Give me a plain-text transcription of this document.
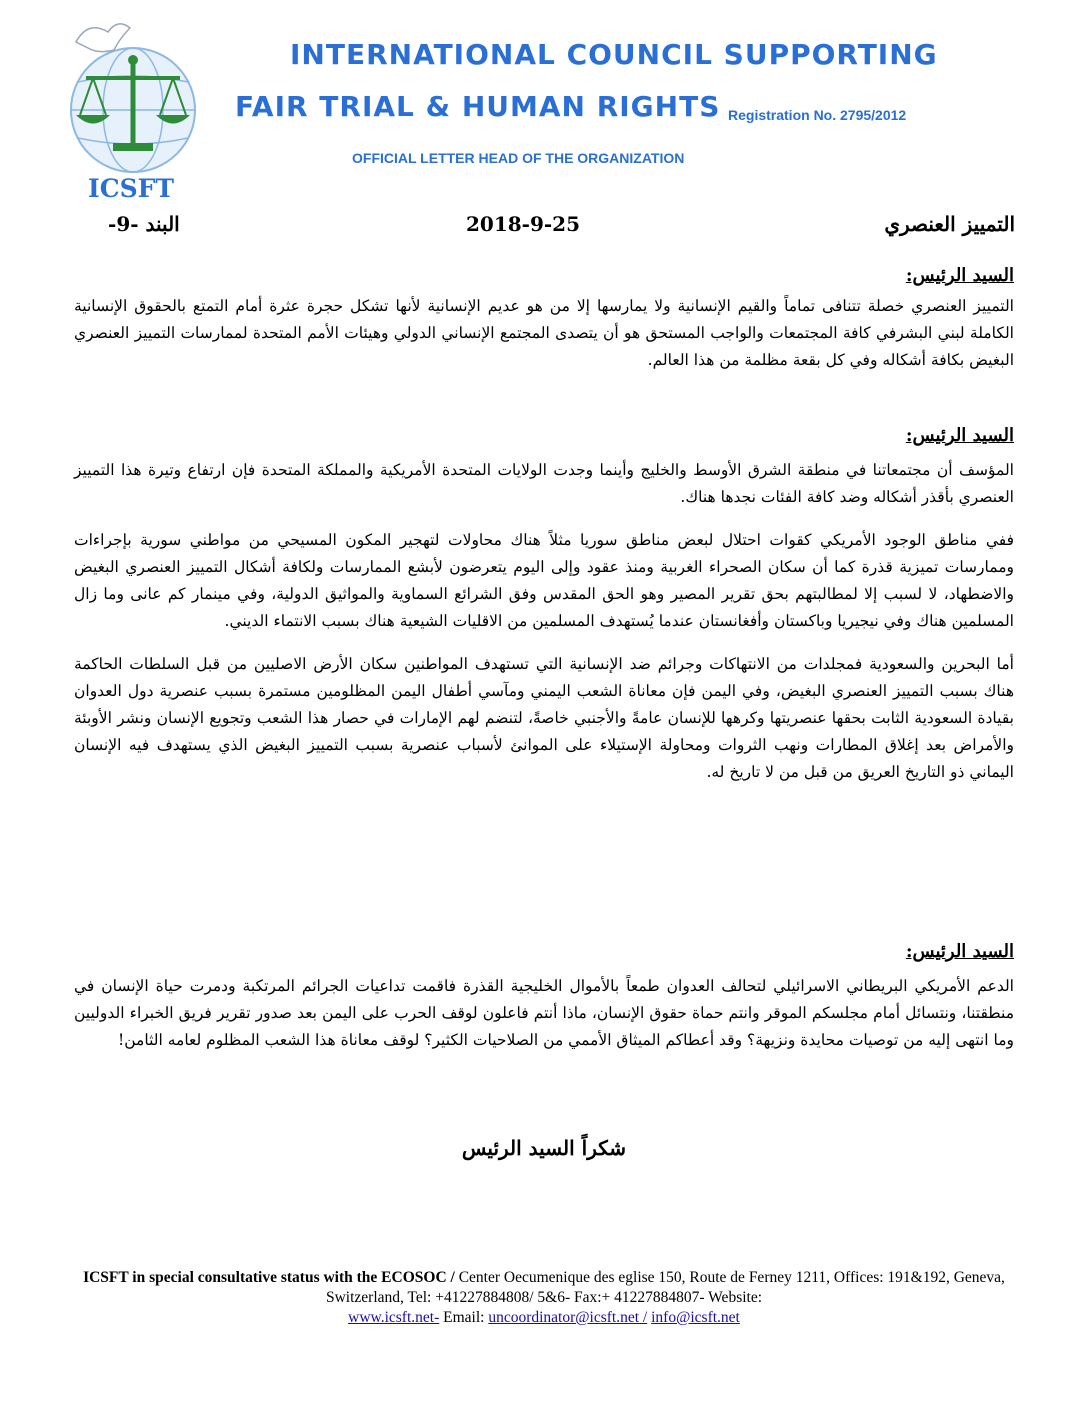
ICSFT
INTERNATIONAL COUNCIL SUPPORTING
FAIR TRIAL & HUMAN RIGHTS Registration No. 2795/2012
OFFICIAL LETTER HEAD OF THE ORGANIZATION
التمييز العنصري
2018-9-25
البند -9-

السيد الرئيس:

التمييز العنصري خصلة تتنافى تماماً والقيم الإنسانية ولا يمارسها إلا من هو عديم الإنسانية لأنها تشكل حجرة عثرة أمام التمتع بالحقوق الإنسانية الكاملة لبني البشرفي كافة المجتمعات والواجب المستحق هو أن يتصدى المجتمع الإنساني الدولي وهيئات الأمم المتحدة لممارسات التمييز العنصري البغيض بكافة أشكاله وفي كل بقعة مظلمة من هذا العالم.

السيد الرئيس:

المؤسف أن مجتمعاتنا في منطقة الشرق الأوسط والخليج وأينما وجدت الولايات المتحدة الأمريكية والمملكة المتحدة فإن ارتفاع وتيرة هذا التمييز العنصري بأقذر أشكاله وضد كافة الفئات نجدها هناك.

ففي مناطق الوجود الأمريكي كقوات احتلال لبعض مناطق سوريا مثلاً هناك محاولات لتهجير المكون المسيحي من مواطني سورية بإجراءات وممارسات تميزية قذرة كما أن سكان الصحراء الغربية ومنذ عقود وإلى اليوم يتعرضون لأبشع الممارسات ولكافة أشكال التمييز العنصري البغيض والاضطهاد، لا لسبب إلا لمطالبتهم بحق تقرير المصير وهو الحق المقدس وفق الشرائع السماوية والمواثيق الدولية، وفي مينمار كم عانى وما زال المسلمين هناك وفي نيجيريا وباكستان وأفغانستان عندما يُستهدف المسلمين من الاقليات الشيعية هناك بسبب الانتماء الديني.

أما البحرين والسعودية فمجلدات من الانتهاكات وجرائم ضد الإنسانية التي تستهدف المواطنين سكان الأرض الاصليين من قبل السلطات الحاكمة هناك بسبب التمييز العنصري البغيض، وفي اليمن فإن معاناة الشعب اليمني ومآسي أطفال اليمن المظلومين مستمرة بسبب عنصرية دول العدوان بقيادة السعودية الثابت بحقها عنصريتها وكرهها للإنسان عامةً والأجنبي خاصةً، لتنضم لهم الإمارات في حصار هذا الشعب وتجويع الإنسان ونشر الأوبئة والأمراض بعد إغلاق المطارات ونهب الثروات ومحاولة الإستيلاء على الموانئ لأسباب عنصرية بسبب التمييز البغيض الذي يستهدف فيه الإنسان اليماني ذو التاريخ العريق من قبل من لا تاريخ له.

السيد الرئيس:

الدعم الأمريكي البريطاني الاسرائيلي لتحالف العدوان طمعاً بالأموال الخليجية القذرة فاقمت تداعيات الجرائم المرتكبة ودمرت حياة الإنسان في منطقتنا، ونتسائل أمام مجلسكم الموقر وانتم حماة حقوق الإنسان، ماذا أنتم فاعلون لوقف الحرب على اليمن بعد صدور تقرير فريق الخبراء الدوليين وما انتهى إليه من توصيات محايدة ونزيهة؟ وقد أعطاكم الميثاق الأممي من الصلاحيات الكثير؟ لوقف معاناة هذا الشعب المظلوم لعامه الثامن!

شكراً السيد الرئيس
ICSFT in special consultative status with the ECOSOC / Center Oecumenique des eglise 150, Route de Ferney 1211, Offices: 191&192, Geneva, Switzerland, Tel: +41227884808/ 5&6- Fax:+ 41227884807- Website:
www.icsft.net- Email: uncoordinator@icsft.net / info@icsft.net
